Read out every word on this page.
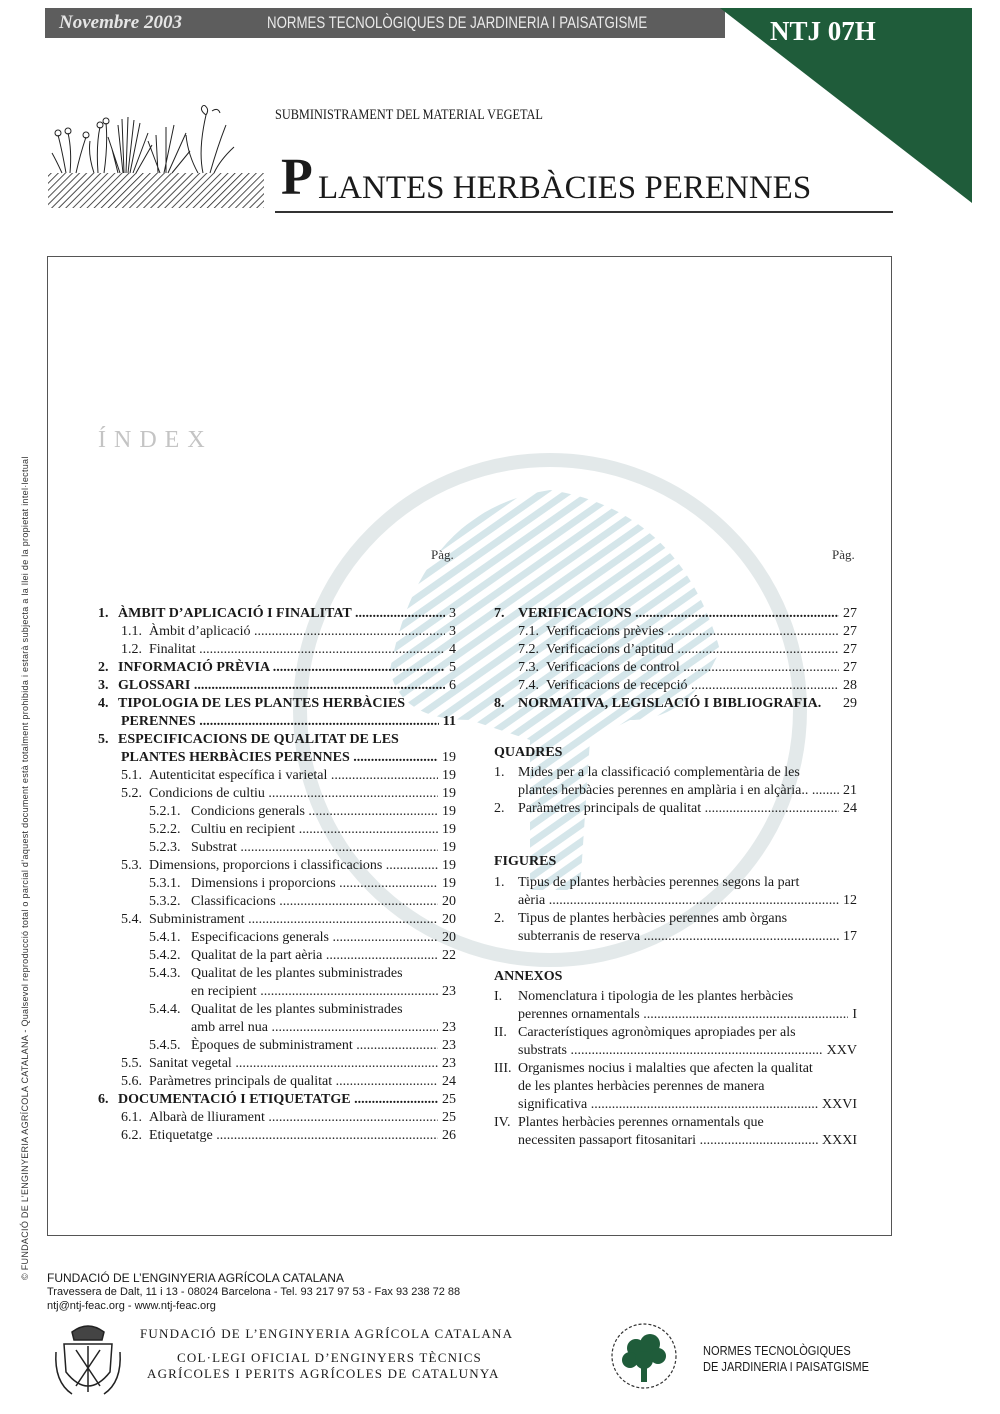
Novembre 2003	NORMES TECNOLÒGIQUES DE JARDINERIA I PAISATGISME	NTJ 07H
SUBMINISTRAMENT DEL MATERIAL VEGETAL
P LANTES HERBÀCIES PERENNES
ÍNDEX
Pàg.	Pàg.
1. ÀMBIT D’APLICACIÓ I FINALITAT .....	3
1.1. Àmbit d’aplicació .....	3
1.2. Finalitat .....	4
2. INFORMACIÓ PRÈVIA .....	5
3. GLOSSARI .....	6
4. TIPOLOGIA DE LES PLANTES HERBÀCIES
PERENNES .....	11
5. ESPECIFICACIONS DE QUALITAT DE LES
PLANTES HERBÀCIES PERENNES .....	19
5.1. Autenticitat específica i varietal .....	19
5.2. Condicions de cultiu .....	19
5.2.1. Condicions generals .....	19
5.2.2. Cultiu en recipient .....	19
5.2.3. Substrat .....	19
5.3. Dimensions, proporcions i classificacions .....	19
5.3.1. Dimensions i proporcions .....	19
5.3.2. Classificacions .....	20
5.4. Subministrament .....	20
5.4.1. Especificacions generals .....	20
5.4.2. Qualitat de la part aèria .....	22
5.4.3. Qualitat de les plantes subministrades
en recipient .....	23
5.4.4. Qualitat de les plantes subministrades
amb arrel nua .....	23
5.4.5. Èpoques de subministrament .....	23
5.5. Sanitat vegetal .....	23
5.6. Paràmetres principals de qualitat .....	24
6. DOCUMENTACIÓ I ETIQUETATGE .....	25
6.1. Albarà de lliurament .....	25
6.2. Etiquetatge .....	26
7. VERIFICACIONS .....	27
7.1. Verificacions prèvies .....	27
7.2. Verificacions d’aptitud .....	27
7.3. Verificacions de control .....	27
7.4. Verificacions de recepció .....	28
8. NORMATIVA, LEGISLACIÓ I BIBLIOGRAFIA.	29
QUADRES
1. Mides per a la classificació complementària de les
plantes herbàcies perennes en amplària i en alçària.. .....	21
2. Paràmetres principals de qualitat .....	24
FIGURES
1. Tipus de plantes herbàcies perennes segons la part
aèria .....	12
2. Tipus de plantes herbàcies perennes amb òrgans
subterranis de reserva .....	17
ANNEXOS
I.	Nomenclatura i tipologia de les plantes herbàcies
perennes ornamentals .....	I
II. Característiques agronòmiques apropiades per als
substrats .....	XXV
III. Organismes nocius i malalties que afecten la qualitat
de les plantes herbàcies perennes de manera
significativa .....	XXVI
IV. Plantes herbàcies perennes ornamentals que
necessiten passaport fitosanitari .....	XXXI
© FUNDACIÓ DE L’ENGINYERIA AGRÍCOLA CATALANA - Qualsevol reproducció total o parcial d’aquest document està totalment prohibida i estarà subjecta a la llei de la propietat intel·lectual FUNDACIÓ DE L’ENGINYERIA AGRÍCOLA CATALANA
Travessera de Dalt, 11 i 13 - 08024 Barcelona - Tel. 93 217 97 53 - Fax 93 238 72 88
ntj@ntj-feac.org - www.ntj-feac.org
FUNDACIÓ DE L’ENGINYERIA AGRÍCOLA CATALANA
COL·LEGI OFICIAL D’ENGINYERS TÈCNICS
AGRÍCOLES I PERITS AGRÍCOLES DE CATALUNYA
NORMES TECNOLÒGIQUES
DE JARDINERIA I PAISATGISME
